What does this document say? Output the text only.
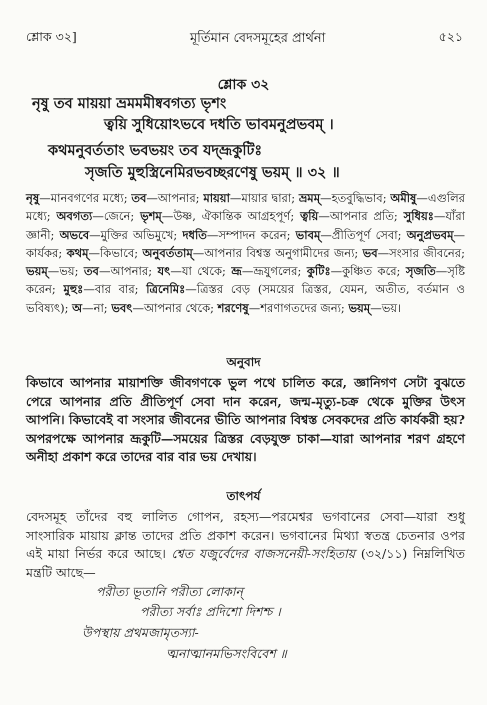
শ্লোক ৩২]	মূর্তিমান বেদসমূহের প্রার্থনা	৫২১
শ্লোক ৩২
নৃষু তব মায়য়া ভ্রমমমীষ্ববগত্য ভৃশং
ত্বয়ি সুধিয়োঽভবে দধতি ভাবমনুপ্রভবম্ ।
কথমনুবর্ততাং ভবভয়ং তব যদ্ভ্রূকুটিঃ
সৃজতি মুহুস্ত্রিনেমিরভবচ্ছরণেষু ভয়ম্ ॥ ৩২ ॥
নৃষু—মানবগণের মধ্যে; তব—আপনার; মায়য়া—মায়ার দ্বারা; ভ্রমম্—হতবুদ্ধিভাব; অমীষু—এগুলির মধ্যে; অবগত্য—জেনে; ভৃশম্—উষ্ণ, ঐকান্তিক আগ্রহপূর্ণ; ত্বয়ি—আপনার প্রতি; সুধিয়ঃ—যাঁরা জ্ঞানী; অভবে—মুক্তির অভিমুখে; দধতি—সম্পাদন করেন; ভাবম্—প্রীতিপূর্ণ সেবা; অনুপ্রভবম্—কার্যকর; কথম্—কিভাবে; অনুবর্ততাম্—আপনার বিশ্বস্ত অনুগামীদের জন্য; ভব—সংসার জীবনের; ভয়ম্—ভয়; তব—আপনার; যৎ—যা থেকে; ভ্রূ—ভ্রূযুগলের; কুটিঃ—কুঞ্চিত করে; সৃজতি—সৃষ্টি করেন; মুহুঃ—বার বার; ত্রিনেমিঃ—ত্রিস্তর বেড় (সময়ের ত্রিস্তর, যেমন, অতীত, বর্তমান ও ভবিষ্যৎ); অ—না; ভবৎ—আপনার থেকে; শরণেষু—শরণাগতদের জন্য; ভয়ম্—ভয়।
অনুবাদ
কিভাবে আপনার মায়াশক্তি জীবগণকে ভুল পথে চালিত করে, জ্ঞানিগণ সেটা বুঝতে পেরে আপনার প্রতি প্রীতিপূর্ণ সেবা দান করেন, জন্ম-মৃত্যু-চক্র থেকে মুক্তির উৎস আপনি। কিভাবেই বা সংসার জীবনের ভীতি আপনার বিশ্বস্ত সেবকদের প্রতি কার্যকরী হয়? অপরপক্ষে আপনার ভ্রূকুটি—সময়ের ত্রিস্তর বেড়যুক্ত চাকা—যারা আপনার শরণ গ্রহণে অনীহা প্রকাশ করে তাদের বার বার ভয় দেখায়।
তাৎপর্য
বেদসমূহ তাঁদের বহু লালিত গোপন, রহস্য—পরমেশ্বর ভগবানের সেবা—যারা শুধু সাংসারিক মায়ায় ক্লান্ত তাদের প্রতি প্রকাশ করেন। ভগবানের মিথ্যা স্বতন্ত্র চেতনার ওপর এই মায়া নির্ভর করে আছে। শ্বেত যজুর্বেদের বাজসনেয়ী-সংহিতায় (৩২/১১) নিম্নলিখিত মন্ত্রটি আছে—
পরীত্য ভূতানি পরীত্য লোকান্
পরীত্য সর্বাঃ প্রদিশো দিশশ্চ ।
উপস্থায় প্রথমজামৃতস্যা-
ত্মনাত্মানমভিসংবিবেশ ॥
